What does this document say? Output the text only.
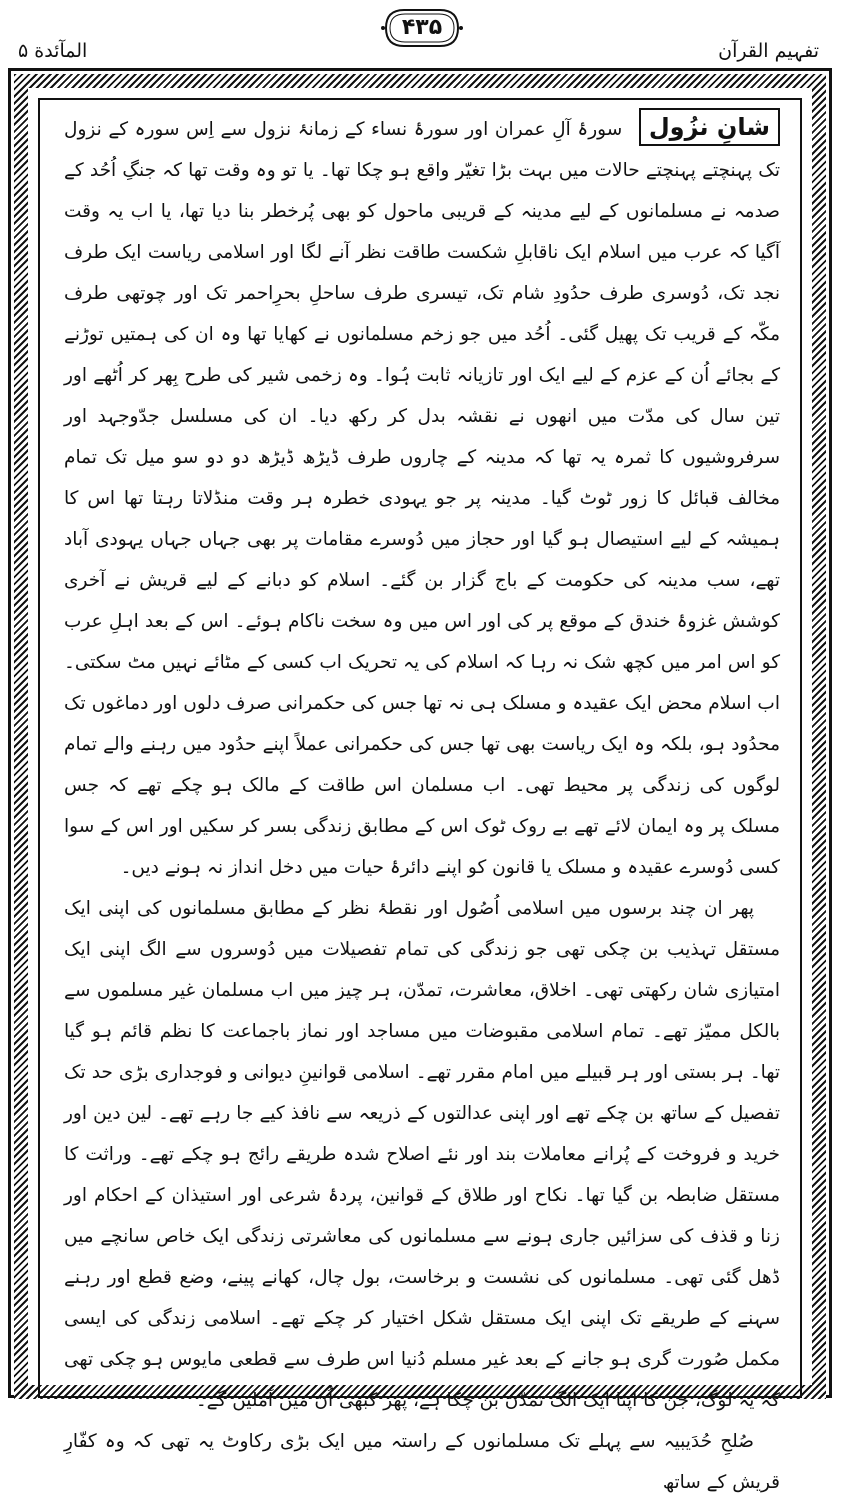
المآئدة ۵
۴۳۵
تفہیم القرآن

شانِ نزُول سورۂ آلِ عمران اور سورۂ نساء کے زمانۂ نزول سے اِس سورہ کے نزول تک پہنچتے پہنچتے حالات میں بہت بڑا تغیّر واقع ہو چکا تھا۔ یا تو وہ وقت تھا کہ جنگِ اُحُد کے صدمہ نے مسلمانوں کے لیے مدینہ کے قریبی ماحول کو بھی پُرخطر بنا دیا تھا، یا اب یہ وقت آگیا کہ عرب میں اسلام ایک ناقابلِ شکست طاقت نظر آنے لگا اور اسلامی ریاست ایک طرف نجد تک، دُوسری طرف حدُودِ شام تک، تیسری طرف ساحلِ بحرِاحمر تک اور چوتھی طرف مکّہ کے قریب تک پھیل گئی۔ اُحُد میں جو زخم مسلمانوں نے کھایا تھا وہ ان کی ہمتیں توڑنے کے بجائے اُن کے عزم کے لیے ایک اور تازیانہ ثابت ہُوا۔ وہ زخمی شیر کی طرح بِھر کر اُٹھے اور تین سال کی مدّت میں انھوں نے نقشہ بدل کر رکھ دیا۔ ان کی مسلسل جدّوجہد اور سرفروشیوں کا ثمرہ یہ تھا کہ مدینہ کے چاروں طرف ڈیڑھ ڈیڑھ دو دو سو میل تک تمام مخالف قبائل کا زور ٹوٹ گیا۔ مدینہ پر جو یہودی خطرہ ہر وقت منڈلاتا رہتا تھا اس کا ہمیشہ کے لیے استیصال ہو گیا اور حجاز میں دُوسرے مقامات پر بھی جہاں جہاں یہودی آباد تھے، سب مدینہ کی حکومت کے باج گزار بن گئے۔ اسلام کو دبانے کے لیے قریش نے آخری کوشش غزوۂ خندق کے موقع پر کی اور اس میں وہ سخت ناکام ہوئے۔ اس کے بعد اہلِ عرب کو اس امر میں کچھ شک نہ رہا کہ اسلام کی یہ تحریک اب کسی کے مٹائے نہیں مٹ سکتی۔ اب اسلام محض ایک عقیدہ و مسلک ہی نہ تھا جس کی حکمرانی صرف دلوں اور دماغوں تک محدُود ہو، بلکہ وہ ایک ریاست بھی تھا جس کی حکمرانی عملاً اپنے حدُود میں رہنے والے تمام لوگوں کی زندگی پر محیط تھی۔ اب مسلمان اس طاقت کے مالک ہو چکے تھے کہ جس مسلک پر وہ ایمان لائے تھے بے روک ٹوک اس کے مطابق زندگی بسر کر سکیں اور اس کے سوا کسی دُوسرے عقیدہ و مسلک یا قانون کو اپنے دائرۂ حیات میں دخل انداز نہ ہونے دیں۔

پھر ان چند برسوں میں اسلامی اُصُول اور نقطۂ نظر کے مطابق مسلمانوں کی اپنی ایک مستقل تہذیب بن چکی تھی جو زندگی کی تمام تفصیلات میں دُوسروں سے الگ اپنی ایک امتیازی شان رکھتی تھی۔ اخلاق، معاشرت، تمدّن، ہر چیز میں اب مسلمان غیر مسلموں سے بالکل ممیّز تھے۔ تمام اسلامی مقبوضات میں مساجد اور نماز باجماعت کا نظم قائم ہو گیا تھا۔ ہر بستی اور ہر قبیلے میں امام مقرر تھے۔ اسلامی قوانینِ دیوانی و فوجداری بڑی حد تک تفصیل کے ساتھ بن چکے تھے اور اپنی عدالتوں کے ذریعہ سے نافذ کیے جا رہے تھے۔ لین دین اور خرید و فروخت کے پُرانے معاملات بند اور نئے اصلاح شدہ طریقے رائج ہو چکے تھے۔ وراثت کا مستقل ضابطہ بن گیا تھا۔ نکاح اور طلاق کے قوانین، پردۂ شرعی اور استیذان کے احکام اور زنا و قذف کی سزائیں جاری ہونے سے مسلمانوں کی معاشرتی زندگی ایک خاص سانچے میں ڈھل گئی تھی۔ مسلمانوں کی نشست و برخاست، بول چال، کھانے پینے، وضع قطع اور رہنے سہنے کے طریقے تک اپنی ایک مستقل شکل اختیار کر چکے تھے۔ اسلامی زندگی کی ایسی مکمل صُورت گری ہو جانے کے بعد غیر مسلم دُنیا اس طرف سے قطعی مایوس ہو چکی تھی کہ یہ لوگ، جن کا اپنا ایک الگ تمدّن بن چکا ہے، پھر کبھی اُن میں آملیں گے۔

صُلحِ حُدَیبیہ سے پہلے تک مسلمانوں کے راستہ میں ایک بڑی رکاوٹ یہ تھی کہ وہ کفّارِ قریش کے ساتھ
